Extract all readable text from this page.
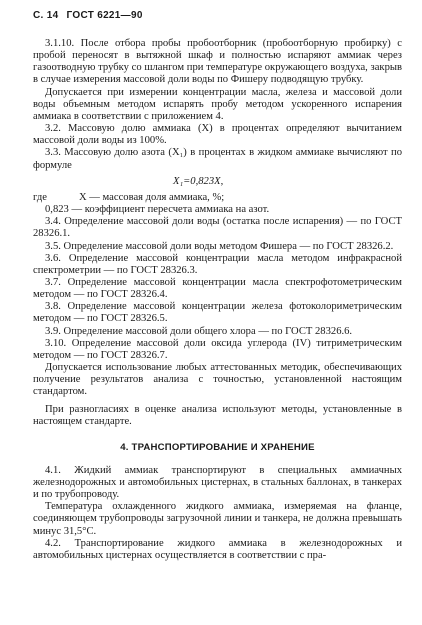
С. 14 ГОСТ 6221—90

3.1.10. После отбора пробы пробоотборник (пробоотборную пробирку) с пробой переносят в вытяжной шкаф и полностью испаряют аммиак через газоотводную трубку со шлангом при температуре окружающего воздуха, закрыв в случае измерения массовой доли воды по Фишеру подводящую трубку.

Допускается при измерении концентрации масла, железа и массовой доли воды объемным методом испарять пробу методом ускоренного испарения аммиака в соответствии с приложением 4.

3.2. Массовую долю аммиака (X) в процентах определяют вычитанием массовой доли воды из 100%.

3.3. Массовую долю азота (X₁) в процентах в жидком аммиаке вычисляют по формуле

X₁=0,823X,
где	X — массовая доля аммиака, %;

0,823 — коэффициент пересчета аммиака на азот.

3.4. Определение массовой доли воды (остатка после испарения) — по ГОСТ 28326.1.

3.5. Определение массовой доли воды методом Фишера — по ГОСТ 28326.2.

3.6. Определение массовой концентрации масла методом инфракрасной спектрометрии — по ГОСТ 28326.3.

3.7. Определение массовой концентрации масла спектрофотометрическим методом — по ГОСТ 28326.4.

3.8. Определение массовой концентрации железа фотоколориметрическим методом — по ГОСТ 28326.5.

3.9. Определение массовой доли общего хлора — по ГОСТ 28326.6.

3.10. Определение массовой доли оксида углерода (IV) титриметрическим методом — по ГОСТ 28326.7.

Допускается использование любых аттестованных методик, обеспечивающих получение результатов анализа с точностью, установленной настоящим стандартом.

При разногласиях в оценке анализа используют методы, установленные в настоящем стандарте.

4. ТРАНСПОРТИРОВАНИЕ И ХРАНЕНИЕ

4.1. Жидкий аммиак транспортируют в специальных аммиачных железнодорожных и автомобильных цистернах, в стальных баллонах, в танкерах и по трубопроводу.

Температура охлажденного жидкого аммиака, измеряемая на фланце, соединяющем трубопроводы загрузочной линии и танкера, не должна превышать минус 31,5°С.

4.2. Транспортирование жидкого аммиака в железнодорожных и автомобильных цистернах осуществляется в соответствии с пра-
